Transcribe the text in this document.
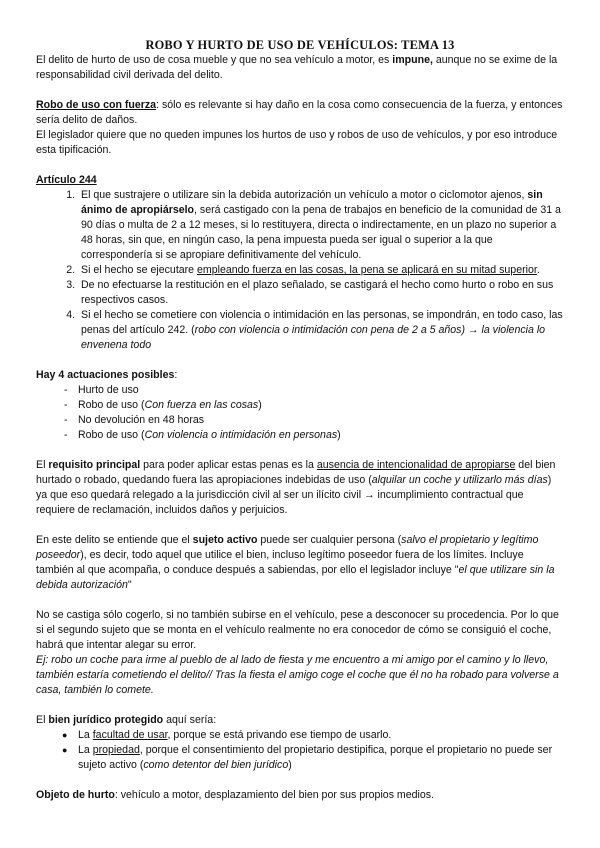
ROBO Y HURTO DE USO DE VEHÍCULOS: TEMA 13

El delito de hurto de uso de cosa mueble y que no sea vehículo a motor, es impune, aunque no se exime de la responsabilidad civil derivada del delito.

Robo de uso con fuerza: sólo es relevante si hay daño en la cosa como consecuencia de la fuerza, y entonces sería delito de daños.

El legislador quiere que no queden impunes los hurtos de uso y robos de uso de vehículos, y por eso introduce esta tipificación.

Artículo 244

1. El que sustrajere o utilizare sin la debida autorización un vehículo a motor o ciclomotor ajenos, sin ánimo de apropiárselo, será castigado con la pena de trabajos en beneficio de la comunidad de 31 a 90 días o multa de 2 a 12 meses, si lo restituyera, directa o indirectamente, en un plazo no superior a 48 horas, sin que, en ningún caso, la pena impuesta pueda ser igual o superior a la que correspondería si se apropiare definitivamente del vehículo.
2. Si el hecho se ejecutare empleando fuerza en las cosas, la pena se aplicará en su mitad superior.
3. De no efectuarse la restitución en el plazo señalado, se castigará el hecho como hurto o robo en sus respectivos casos.
4. Si el hecho se cometiere con violencia o intimidación en las personas, se impondrán, en todo caso, las penas del artículo 242. (robo con violencia o intimidación con pena de 2 a 5 años) → la violencia lo envenena todo

Hay 4 actuaciones posibles:

- Hurto de uso
- Robo de uso (Con fuerza en las cosas)
- No devolución en 48 horas
- Robo de uso (Con violencia o intimidación en personas)

El requisito principal para poder aplicar estas penas es la ausencia de intencionalidad de apropiarse del bien hurtado o robado, quedando fuera las apropiaciones indebidas de uso (alquilar un coche y utilizarlo más días) ya que eso quedará relegado a la jurisdicción civil al ser un ilícito civil → incumplimiento contractual que requiere de reclamación, incluidos daños y perjuicios.

En este delito se entiende que el sujeto activo puede ser cualquier persona (salvo el propietario y legítimo poseedor), es decir, todo aquel que utilice el bien, incluso legítimo poseedor fuera de los límites. Incluye también al que acompaña, o conduce después a sabiendas, por ello el legislador incluye "el que utilizare sin la debida autorización"

No se castiga sólo cogerlo, si no también subirse en el vehículo, pese a desconocer su procedencia. Por lo que si el segundo sujeto que se monta en el vehículo realmente no era conocedor de cómo se consiguió el coche, habrá que intentar alegar su error.

Ej: robo un coche para irme al pueblo de al lado de fiesta y me encuentro a mi amigo por el camino y lo llevo, también estaría cometiendo el delito// Tras la fiesta el amigo coge el coche que él no ha robado para volverse a casa, también lo comete.

El bien jurídico protegido aquí sería:

● La facultad de usar, porque se está privando ese tiempo de usarlo.
● La propiedad, porque el consentimiento del propietario destipifica, porque el propietario no puede ser sujeto activo (como detentor del bien jurídico)

Objeto de hurto: vehículo a motor, desplazamiento del bien por sus propios medios.
